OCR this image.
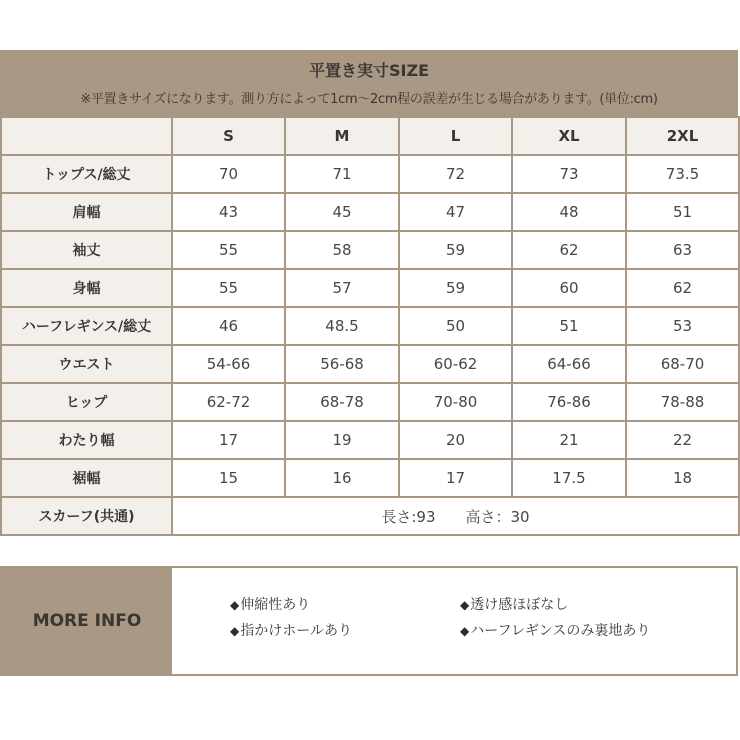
平置き実寸SIZE
※平置きサイズになります。測り方によって1cm〜2cm程の誤差が生じる場合があります。(単位:cm)
	S	M	L	XL	2XL
トップス/総丈	70	71	72	73	73.5
肩幅	43	45	47	48	51
袖丈	55	58	59	62	63
身幅	55	57	59	60	62
ハーフレギンス/総丈	46	48.5	50	51	53
ウエスト	54-66	56-68	60-62	64-66	68-70
ヒップ	62-72	68-78	70-80	76-86	78-88
わたり幅	17	19	20	21	22
裾幅	15	16	17	17.5	18
スカーフ(共通)	長さ:93　　高さ：30				
MORE INFO
◆伸縮性あり	◆透け感ほぼなし
◆指かけホールあり	◆ハーフレギンスのみ裏地あり
